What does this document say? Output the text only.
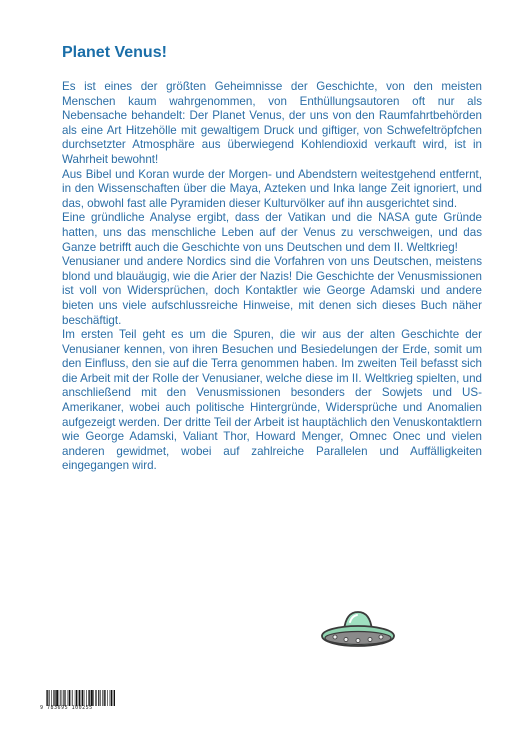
Planet Venus!

Es ist eines der größten Geheimnisse der Geschichte, von den meisten Menschen kaum wahrgenommen, von Enthüllungsautoren oft nur als Nebensache behandelt: Der Planet Venus, der uns von den Raumfahrtbehörden als eine Art Hitzehölle mit gewaltigem Druck und giftiger, von Schwefeltröpfchen durchsetzter Atmosphäre aus überwiegend Kohlendioxid verkauft wird, ist in Wahrheit bewohnt!

Aus Bibel und Koran wurde der Morgen- und Abendstern weitestgehend entfernt, in den Wissenschaften über die Maya, Azteken und Inka lange Zeit ignoriert, und das, obwohl fast alle Pyramiden dieser Kulturvölker auf ihn ausgerichtet sind.

Eine gründliche Analyse ergibt, dass der Vatikan und die NASA gute Gründe hatten, uns das menschliche Leben auf der Venus zu verschweigen, und das Ganze betrifft auch die Geschichte von uns Deutschen und dem II. Weltkrieg!

Venusianer und andere Nordics sind die Vorfahren von uns Deutschen, meistens blond und blauäugig, wie die Arier der Nazis! Die Geschichte der Venusmissionen ist voll von Widersprüchen, doch Kontaktler wie George Adamski und andere bieten uns viele aufschlussreiche Hinweise, mit denen sich dieses Buch näher beschäftigt.

Im ersten Teil geht es um die Spuren, die wir aus der alten Geschichte der Venusianer kennen, von ihren Besuchen und Besiedelungen der Erde, somit um den Einfluss, den sie auf die Terra genommen haben. Im zweiten Teil befasst sich die Arbeit mit der Rolle der Venusianer, welche diese im II. Weltkrieg spielten, und anschließend mit den Venusmissionen besonders der Sowjets und US- Amerikaner, wobei auch politische Hintergründe, Widersprüche und Anomalien aufgezeigt werden. Der dritte Teil der Arbeit ist hauptächlich den Venuskontaktlern wie George Adamski, Valiant Thor, Howard Menger, Omnec Onec und vielen anderen gewidmet, wobei auf zahlreiche Parallelen und Auffälligkeiten eingegangen wird.

9 783695 100255
